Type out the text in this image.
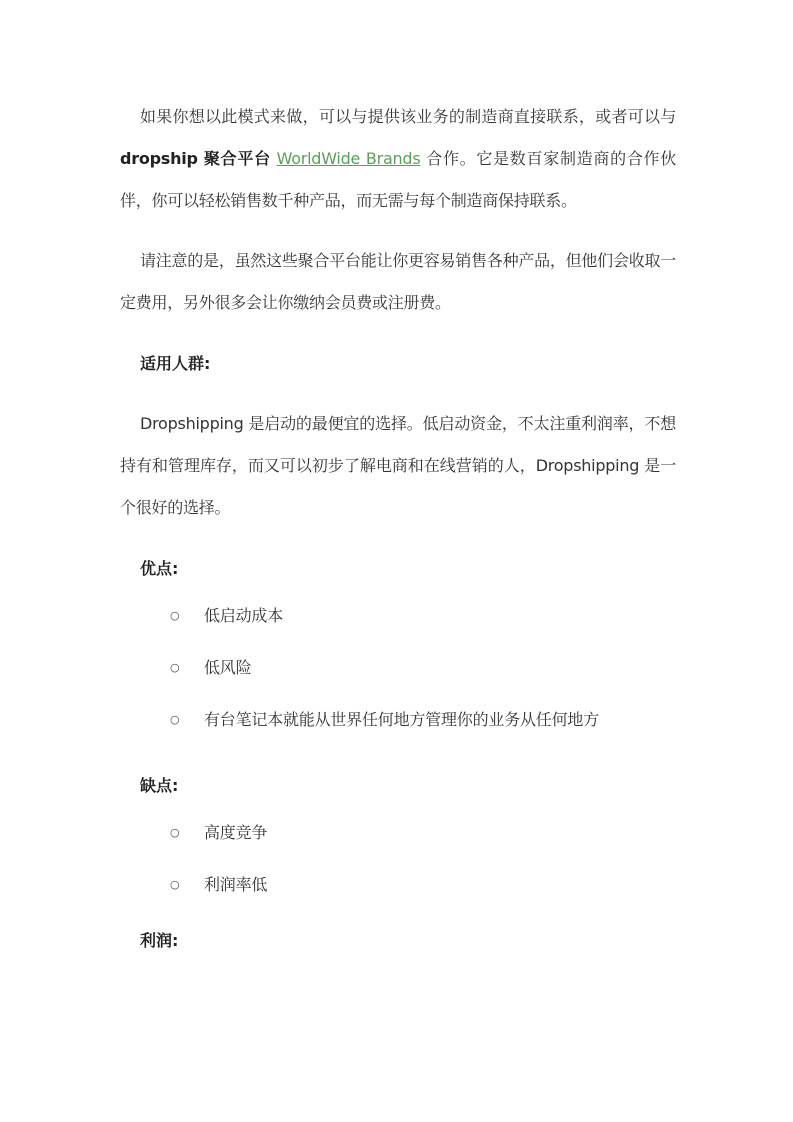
如果你想以此模式来做，可以与提供该业务的制造商直接联系，或者可以与dropship 聚合平台 WorldWide Brands 合作。它是数百家制造商的合作伙伴，你可以轻松销售数千种产品，而无需与每个制造商保持联系。

请注意的是，虽然这些聚合平台能让你更容易销售各种产品，但他们会收取一定费用，另外很多会让你缴纳会员费或注册费。

适用人群:

Dropshipping 是启动的最便宜的选择。低启动资金，不太注重利润率，不想持有和管理库存，而又可以初步了解电商和在线营销的人，Dropshipping 是一个很好的选择。

优点:
○ 低启动成本
○ 低风险
○ 有台笔记本就能从世界任何地方管理你的业务从任何地方
缺点:
○ 高度竞争
○ 利润率低
利润:
